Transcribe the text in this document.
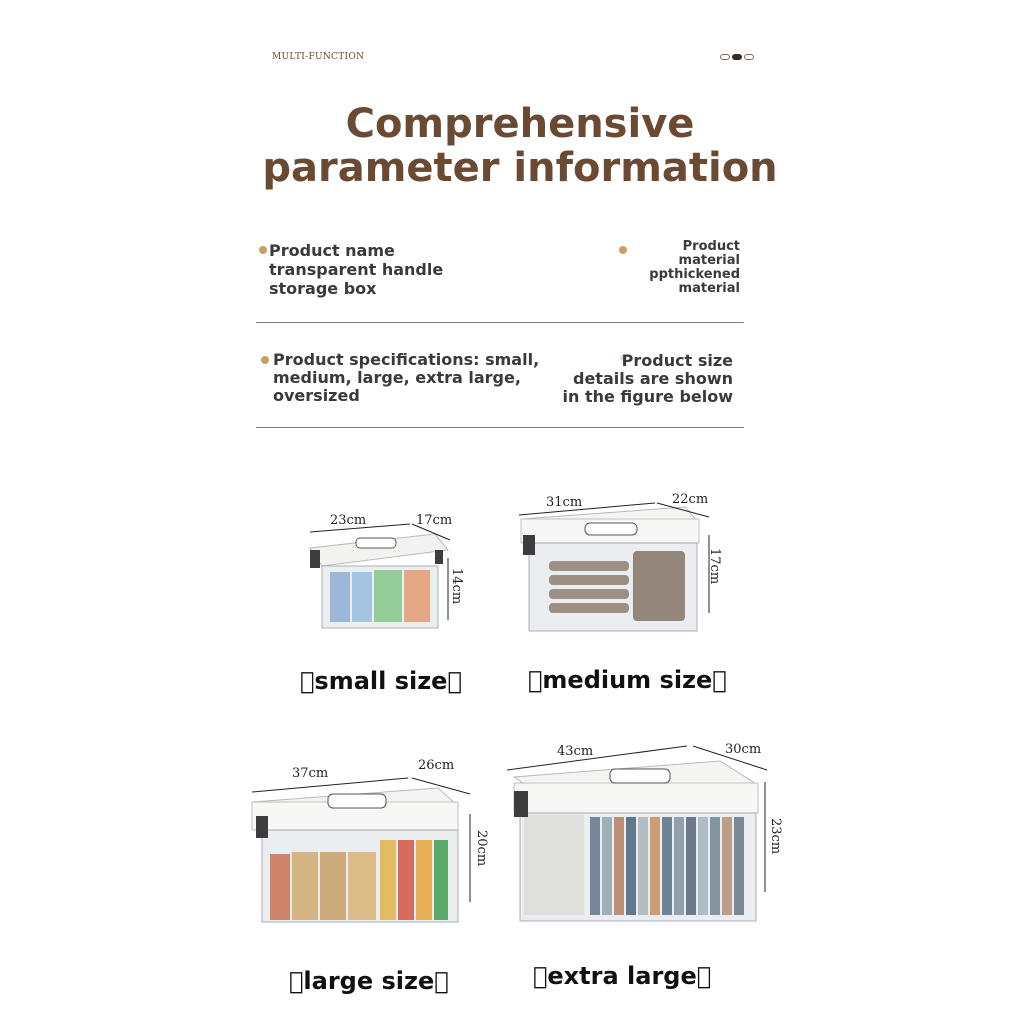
MULTI-FUNCTION
Comprehensive
parameter information
Product name
transparent handle
storage box
Product
material
ppthickened
material
Product specifications: small,
medium, large, extra large,
oversized
Product size
details are shown
in the figure below
23cm	17cm
14cm
 small size 
31cm	22cm
17cm
 medium size 
37cm
26cm
20cm
 large size 
43cm	30cm
23cm
 extra large 
